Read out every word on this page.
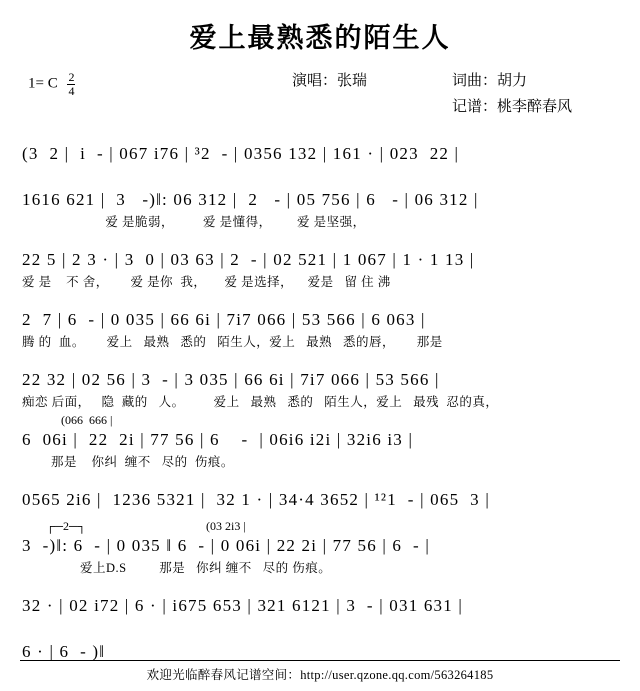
爱上最熟悉的陌生人
1= C $\frac{2}{4}$	演唱：张瑞	词曲：胡力
记谱：桃李醉春风
(3  2 |  i  - | 067 i76 | ³2  - | 0356 132 | 161 · | 023  22 |
1616 621 |  3   -)‖: 06 312 |  2   - | 05 756 | 6   - | 06 312 |
爱 是脆弱，        爱 是懂得，       爱 是坚强，
22 5 | 2 3 · | 3  0 | 03 63 | 2  - | 02 521 | 1 067 | 1 · 1 13 |
爱 是    不 舍，      爱 是你  我，     爱 是选择，    爱是   留 住 沸
2  7 | 6  - | 0 035 | 66 6i | 7i7 066 | 53 566 | 6 063 |
腾 的  血。      爱上   最熟   悉的   陌生人，爱上   最熟   悉的唇，      那是
22 32 | 02 56 | 3  - | 3 035 | 66 6i | 7i7 066 | 53 566 |
痴恋 后面，   隐  藏的   人。        爱上   最熟   悉的   陌生人，爱上   最残  忍的真，
(066  666 |
6  06i |  22  2i | 77 56 | 6    -  | 06i6 i2i | 32i6 i3 |
那是    你纠  缠不   尽的  伤痕。
0565 2i6 |  1236 5321 |  32 1 · | 34·4 3652 | ¹²1  - | 065  3 |
┌─2─┐                                        (03 2i3 |
3  -)‖: 6  - | 0 035 ‖ 6  - | 0 06i | 22 2i | 77 56 | 6  - |
爱上D.S         那是   你纠 缠不   尽的 伤痕。
32 · | 02 i72 | 6 · | i675 653 | 321 6121 | 3  - | 031 631 |
6 · | 6  - )‖
欢迎光临醉春风记谱空间：http://user.qzone.qq.com/563264185
